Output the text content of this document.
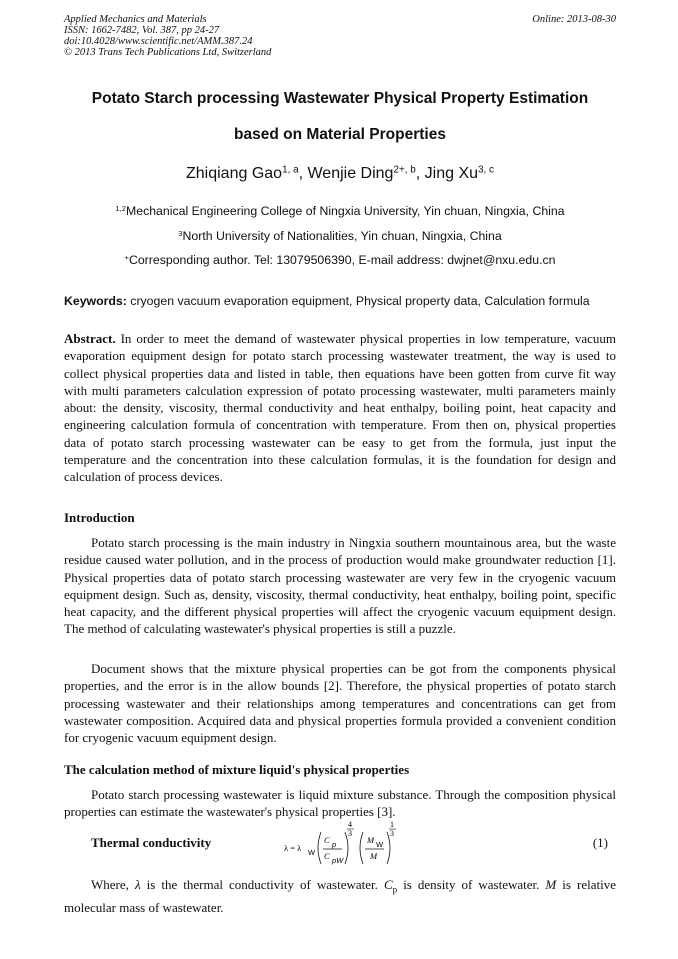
Applied Mechanics and Materials
ISSN: 1662-7482, Vol. 387, pp 24-27
doi:10.4028/www.scientific.net/AMM.387.24
© 2013 Trans Tech Publications Ltd, Switzerland
Online: 2013-08-30
Potato Starch processing Wastewater Physical Property Estimation
based on Material Properties
Zhiqiang Gao$^{1, a}$, Wenjie Ding$^{2+, b}$, Jing Xu$^{3, c}$
$^{1,2}$Mechanical Engineering College of Ningxia University, Yin chuan, Ningxia, China
$^3$North University of Nationalities, Yin chuan, Ningxia, China
+Corresponding author. Tel: 13079506390, E-mail address: dwjnet@nxu.edu.cn
Keywords: cryogen vacuum evaporation equipment, Physical property data, Calculation formula
Abstract. In order to meet the demand of wastewater physical properties in low temperature, vacuum evaporation equipment design for potato starch processing wastewater treatment, the way is used to collect physical properties data and listed in table, then equations have been gotten from curve fit way with multi parameters calculation expression of potato processing wastewater, multi parameters mainly about: the density, viscosity, thermal conductivity and heat enthalpy, boiling point, heat capacity and engineering calculation formula of concentration with temperature. From then on, physical properties data of potato starch processing wastewater can be easy to get from the formula, just input the temperature and the concentration into these calculation formulas, it is the foundation for design and calculation of process devices.
Introduction
Potato starch processing is the main industry in Ningxia southern mountainous area, but the waste residue caused water pollution, and in the process of production would make groundwater reduction [1]. Physical properties data of potato starch processing wastewater are very few in the cryogenic vacuum equipment design. Such as, density, viscosity, thermal conductivity, heat enthalpy, boiling point, specific heat capacity, and the different physical properties will affect the cryogenic vacuum equipment design. The method of calculating wastewater's physical properties is still a puzzle.
Document shows that the mixture physical properties can be got from the components physical properties, and the error is in the allow bounds [2]. Therefore, the physical properties of potato starch processing wastewater and their relationships among temperatures and concentrations can get from wastewater composition. Acquired data and physical properties formula provided a convenient condition for cryogenic vacuum equipment design.
The calculation method of mixture liquid's physical properties
Potato starch processing wastewater is liquid mixture substance. Through the composition physical properties can estimate the wastewater's physical properties [3].
Thermal conductivity	λ = λ W
C p
C pW
4
3
M W
M
1
3
(1)
Where, λ is the thermal conductivity of wastewater. $C_p$ is density of wastewater. M is relative molecular mass of wastewater.
